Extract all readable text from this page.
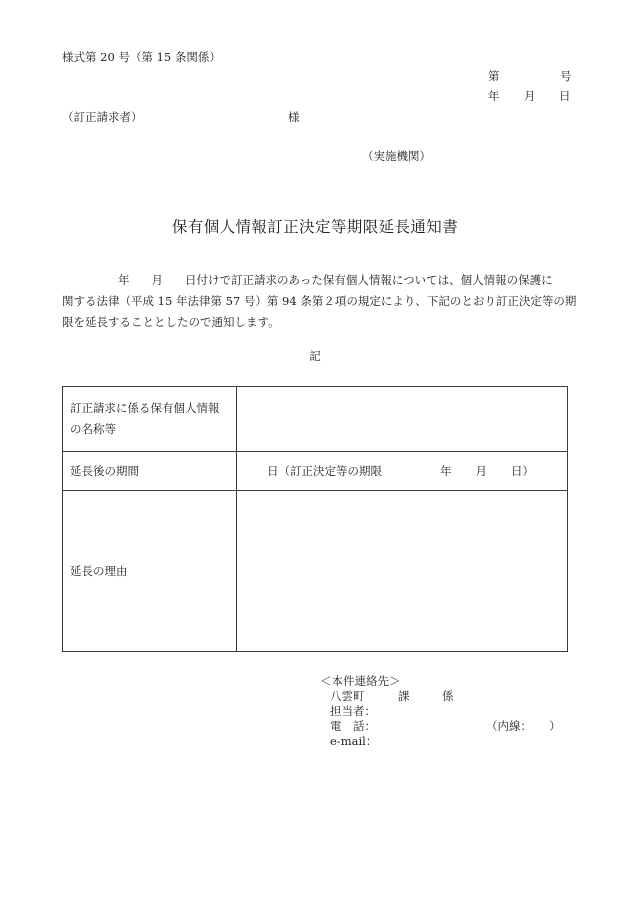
様式第 20 号（第 15 条関係）
第	号
年 月 日
（訂正請求者）	様
（実施機関）
保有個人情報訂正決定等期限延長通知書

年 月 日付けで訂正請求のあった保有個人情報については、個人情報の保護に

関する法律（平成 15 年法律第 57 号）第 94 条第２項の規定により、下記のとおり訂正決定等の期

限を延長することとしたので通知します。

記
訂正請求に係る保有個人情報
の名称等	

延長後の期間	日（訂正決定等の期限 年 月 日）
延長の理由	
＜本件連絡先＞
八雲町	課	係
担当者：
電　話：	（内線：　　）
e-mail：
